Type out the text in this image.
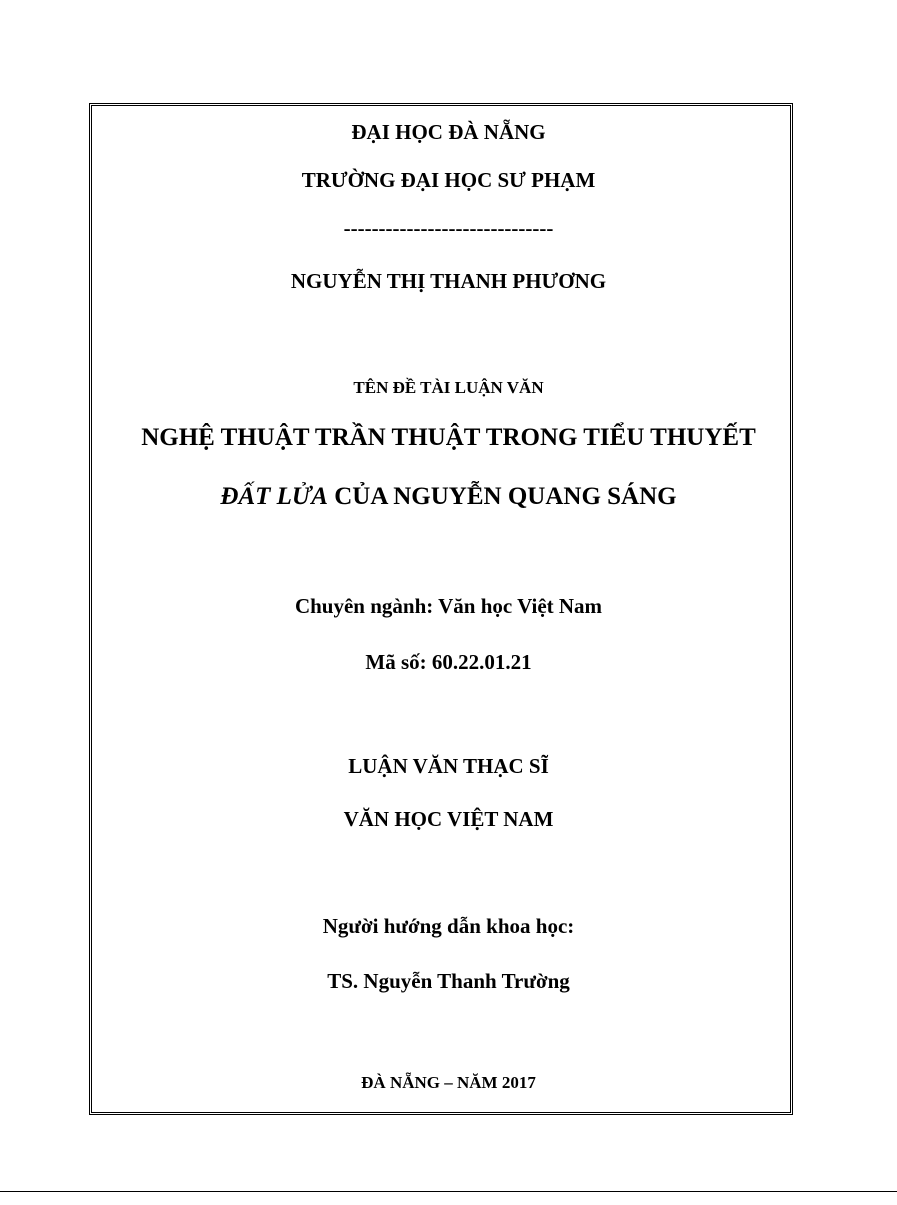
ĐẠI HỌC ĐÀ NẴNG
TRƯỜNG ĐẠI HỌC SƯ PHẠM
------------------------------
NGUYỄN THỊ THANH PHƯƠNG
TÊN ĐỀ TÀI LUẬN VĂN
NGHỆ THUẬT TRẦN THUẬT TRONG TIỂU THUYẾT
ĐẤT LỬA CỦA NGUYỄN QUANG SÁNG
Chuyên ngành: Văn học Việt Nam
Mã số: 60.22.01.21
LUẬN VĂN THẠC SĨ
VĂN HỌC VIỆT NAM
Người hướng dẫn khoa học:
TS. Nguyễn Thanh Trường
ĐÀ NẴNG – NĂM 2017
